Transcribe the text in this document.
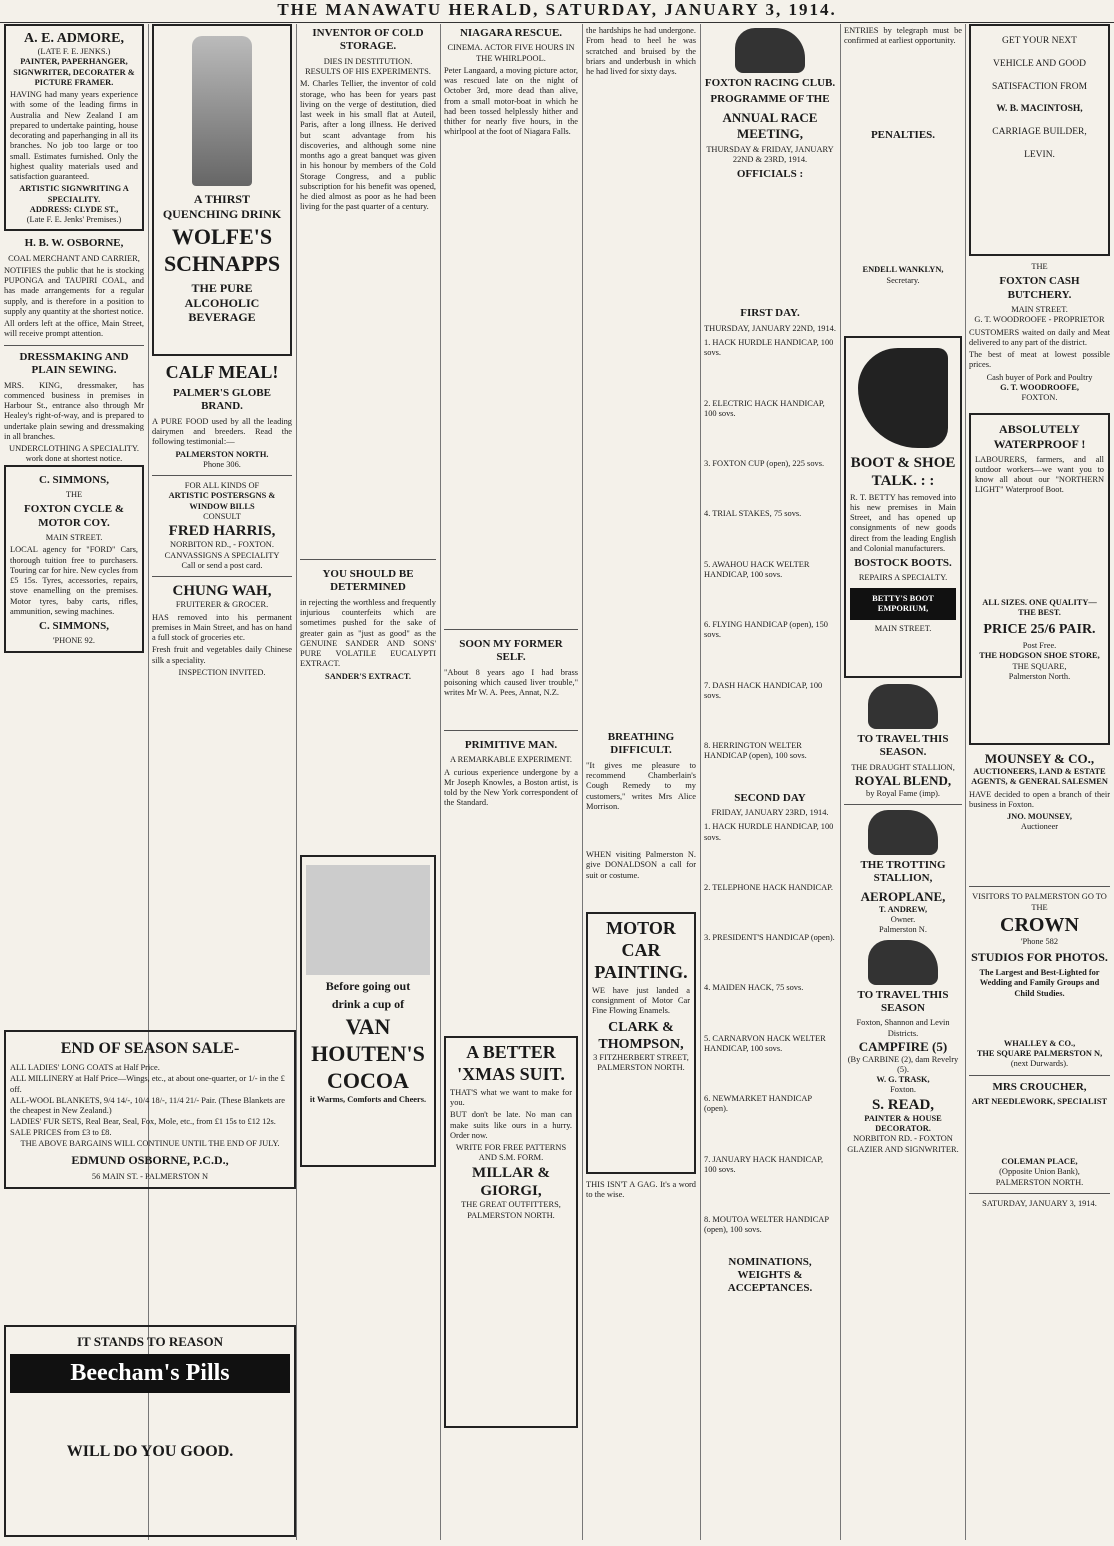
THE MANAWATU HERALD, SATURDAY, JANUARY 3, 1914.
A. E. ADMORE,
(LATE F. E. JENKS.)
PAINTER, PAPERHANGER, SIGNWRITER, DECORATER & PICTURE FRAMER.

HAVING had many years experience with some of the leading firms in Australia and New Zealand I am prepared to undertake painting, house decorating and paperhanging in all its branches. No job too large or too small. Estimates furnished. Only the highest quality materials used and satisfaction guaranteed.

ARTISTIC SIGNWRITING A SPECIALITY.
ADDRESS: CLYDE ST.,
(Late F. E. Jenks' Premises.)
H. B. W. OSBORNE,
COAL MERCHANT AND CARRIER,

NOTIFIES the public that he is stocking PUPONGA and TAUPIRI COAL, and has made arrangements for a regular supply, and is therefore in a position to supply any quantity at the shortest notice.

All orders left at the office, Main Street, will receive prompt attention.

DRESSMAKING AND PLAIN SEWING.

MRS. KING, dressmaker, has commenced business in premises in Harbour St., entrance also through Mr Healey's right-of-way, and is prepared to undertake plain sewing and dressmaking in all branches.

UNDERCLOTHING A SPECIALITY.
work done at shortest notice.
C. SIMMONS,
THE
FOXTON CYCLE & MOTOR COY.
MAIN STREET.

LOCAL agency for "FORD" Cars, thorough tuition free to purchasers. Touring car for hire. New cycles from £5 15s. Tyres, accessories, repairs, stove enamelling on the premises. Motor tyres, baby carts, rifles, ammunition, sewing machines.

C. SIMMONS,
'PHONE 92.
END OF SEASON SALE-
ALL LADIES' LONG COATS at Half Price.
ALL MILLINERY at Half Price—Wings, etc., at about one-quarter, or 1/- in the £ off.
ALL-WOOL BLANKETS, 9/4 14/-, 10/4 18/-, 11/4 21/- Pair. (These Blankets are the cheapest in New Zealand.)
LADIES' FUR SETS, Real Bear, Seal, Fox, Mole, etc., from £1 15s to £12 12s. SALE PRICES from £3 to £8.
THE ABOVE BARGAINS WILL CONTINUE UNTIL THE END OF JULY.
EDMUND OSBORNE, P.C.D.,
56 MAIN ST. - PALMERSTON N
IT STANDS TO REASON
Beecham's Pills
WILL DO YOU GOOD.
A THIRST QUENCHING DRINK
WOLFE'S SCHNAPPS
THE PURE ALCOHOLIC BEVERAGE
CALF MEAL!
PALMER'S GLOBE BRAND.

A PURE FOOD used by all the leading dairymen and breeders. Read the following testimonial:—

PALMERSTON NORTH.
Phone 306.
FOR ALL KINDS OF
ARTISTIC POSTERSGNS & WINDOW BILLS
CONSULT
FRED HARRIS,
NORBITON RD., - FOXTON.
CANVASSIGNS A SPECIALITY
Call or send a post card.
CHUNG WAH,
FRUITERER & GROCER.

HAS removed into his permanent premises in Main Street, and has on hand a full stock of groceries etc.

Fresh fruit and vegetables daily Chinese silk a speciality.

INSPECTION INVITED.
INVENTOR OF COLD STORAGE.
DIES IN DESTITUTION.
RESULTS OF HIS EXPERIMENTS.

M. Charles Tellier, the inventor of cold storage, who has been for years past living on the verge of destitution, died last week in his small flat at Auteil, Paris, after a long illness. He derived but scant advantage from his discoveries, and although some nine months ago a great banquet was given in his honour by members of the Cold Storage Congress, and a public subscription for his benefit was opened, he died almost as poor as he had been living for the past quarter of a century.

YOU SHOULD BE DETERMINED

in rejecting the worthless and frequently injurious counterfeits which are sometimes pushed for the sake of greater gain as "just as good" as the GENUINE SANDER AND SONS' PURE VOLATILE EUCALYPTI EXTRACT.

SANDER'S EXTRACT.
Before going out
drink a cup of
VAN HOUTEN'S COCOA
it Warms, Comforts and Cheers.
NIAGARA RESCUE.
CINEMA. ACTOR FIVE HOURS IN THE WHIRLPOOL.

Peter Langaard, a moving picture actor, was rescued late on the night of October 3rd, more dead than alive, from a small motor-boat in which he had been tossed helplessly hither and thither for nearly five hours, in the whirlpool at the foot of Niagara Falls.

SOON MY FORMER SELF.

"About 8 years ago I had brass poisoning which caused liver trouble," writes Mr W. A. Pees, Annat, N.Z.

PRIMITIVE MAN.
A REMARKABLE EXPERIMENT.

A curious experience undergone by a Mr Joseph Knowles, a Boston artist, is told by the New York correspondent of the Standard.

A BETTER 'XMAS SUIT.

THAT'S what we want to make for you.

BUT don't be late. No man can make suits like ours in a hurry. Order now.

WRITE FOR FREE PATTERNS AND S.M. FORM.
MILLAR & GIORGI,
THE GREAT OUTFITTERS,
PALMERSTON NORTH.

the hardships he had undergone. From head to heel he was scratched and bruised by the briars and underbush in which he had lived for sixty days.

BREATHING DIFFICULT.

"It gives me pleasure to recommend Chamberlain's Cough Remedy to my customers," writes Mrs Alice Morrison.

WHEN visiting Palmerston N. give DONALDSON a call for suit or costume.

MOTOR CAR PAINTING.

WE have just landed a consignment of Motor Car Fine Flowing Enamels.

CLARK & THOMPSON,
3 FITZHERBERT STREET,
PALMERSTON NORTH.

THIS ISN'T A GAG. It's a word to the wise.

FOXTON RACING CLUB.
PROGRAMME OF THE
ANNUAL RACE MEETING,
THURSDAY & FRIDAY, JANUARY 22ND & 23RD, 1914.
OFFICIALS :
FIRST DAY.
THURSDAY, JANUARY 22ND, 1914.
1. HACK HURDLE HANDICAP, 100 sovs.
2. ELECTRIC HACK HANDICAP, 100 sovs.
3. FOXTON CUP (open), 225 sovs.
4. TRIAL STAKES, 75 sovs.
5. AWAHOU HACK WELTER HANDICAP, 100 sovs.
6. FLYING HANDICAP (open), 150 sovs.
7. DASH HACK HANDICAP, 100 sovs.
8. HERRINGTON WELTER HANDICAP (open), 100 sovs.
SECOND DAY
FRIDAY, JANUARY 23RD, 1914.
1. HACK HURDLE HANDICAP, 100 sovs.
2. TELEPHONE HACK HANDICAP.
3. PRESIDENT'S HANDICAP (open).
4. MAIDEN HACK, 75 sovs.
5. CARNARVON HACK WELTER HANDICAP, 100 sovs.
6. NEWMARKET HANDICAP (open).
7. JANUARY HACK HANDICAP, 100 sovs.
8. MOUTOA WELTER HANDICAP (open), 100 sovs.
NOMINATIONS, WEIGHTS & ACCEPTANCES.

ENTRIES by telegraph must be confirmed at earliest opportunity.

PENALTIES.
ENDELL WANKLYN,
Secretary.
BOOT & SHOE TALK. : :

R. T. BETTY has removed into his new premises in Main Street, and has opened up consignments of new goods direct from the leading English and Colonial manufacturers.

BOSTOCK BOOTS.
REPAIRS A SPECIALTY.
BETTY'S BOOT EMPORIUM,
MAIN STREET.
TO TRAVEL THIS SEASON.
THE DRAUGHT STALLION,
ROYAL BLEND,
by Royal Fame (imp).
THE TROTTING STALLION,
AEROPLANE,
T. ANDREW,
Owner.
Palmerston N.
TO TRAVEL THIS SEASON
Foxton, Shannon and Levin Districts.
CAMPFIRE (5)
(By CARBINE (2), dam Revelry (5).
W. G. TRASK,
Foxton.
S. READ,
PAINTER & HOUSE DECORATOR.
NORBITON RD. - FOXTON
GLAZIER AND SIGNWRITER.
GET YOUR NEXT
VEHICLE AND GOOD
SATISFACTION FROM
W. B. MACINTOSH,
CARRIAGE BUILDER,
LEVIN.
THE
FOXTON CASH BUTCHERY.
MAIN STREET.
G. T. WOODROOFE - PROPRIETOR

CUSTOMERS waited on daily and Meat delivered to any part of the district.

The best of meat at lowest possible prices.

Cash buyer of Pork and Poultry
G. T. WOODROOFE,
FOXTON.
ABSOLUTELY WATERPROOF !

LABOURERS, farmers, and all outdoor workers—we want you to know all about our "NORTHERN LIGHT" Waterproof Boot.

ALL SIZES. ONE QUALITY—THE BEST.
PRICE 25/6 PAIR.
Post Free.
THE HODGSON SHOE STORE,
THE SQUARE,
Palmerston North.
MOUNSEY & CO.,
AUCTIONEERS, LAND & ESTATE AGENTS, & GENERAL SALESMEN

HAVE decided to open a branch of their business in Foxton.

JNO. MOUNSEY,
Auctioneer
VISITORS TO PALMERSTON GO TO THE
CROWN
'Phone 582
STUDIOS FOR PHOTOS.
The Largest and Best-Lighted for Wedding and Family Groups and Child Studies.
WHALLEY & CO.,
THE SQUARE PALMERSTON N,
(next Durwards).
MRS CROUCHER,
ART NEEDLEWORK, SPECIALIST
COLEMAN PLACE,
(Opposite Union Bank),
PALMERSTON NORTH.
SATURDAY, JANUARY 3, 1914.
